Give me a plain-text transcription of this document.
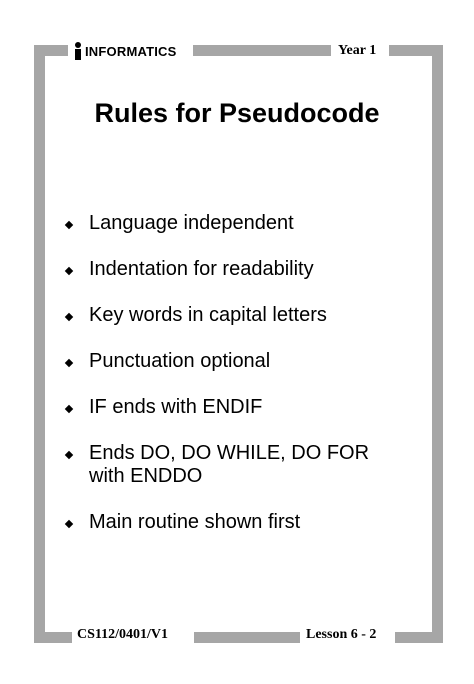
INFORMATICS	Year 1
Rules for Pseudocode
Language independent
Indentation for readability
Key words in capital letters
Punctuation optional
IF ends with ENDIF
Ends DO, DO WHILE, DO FOR with ENDDO
Main routine shown first
CS112/0401/V1	Lesson 6 - 2
